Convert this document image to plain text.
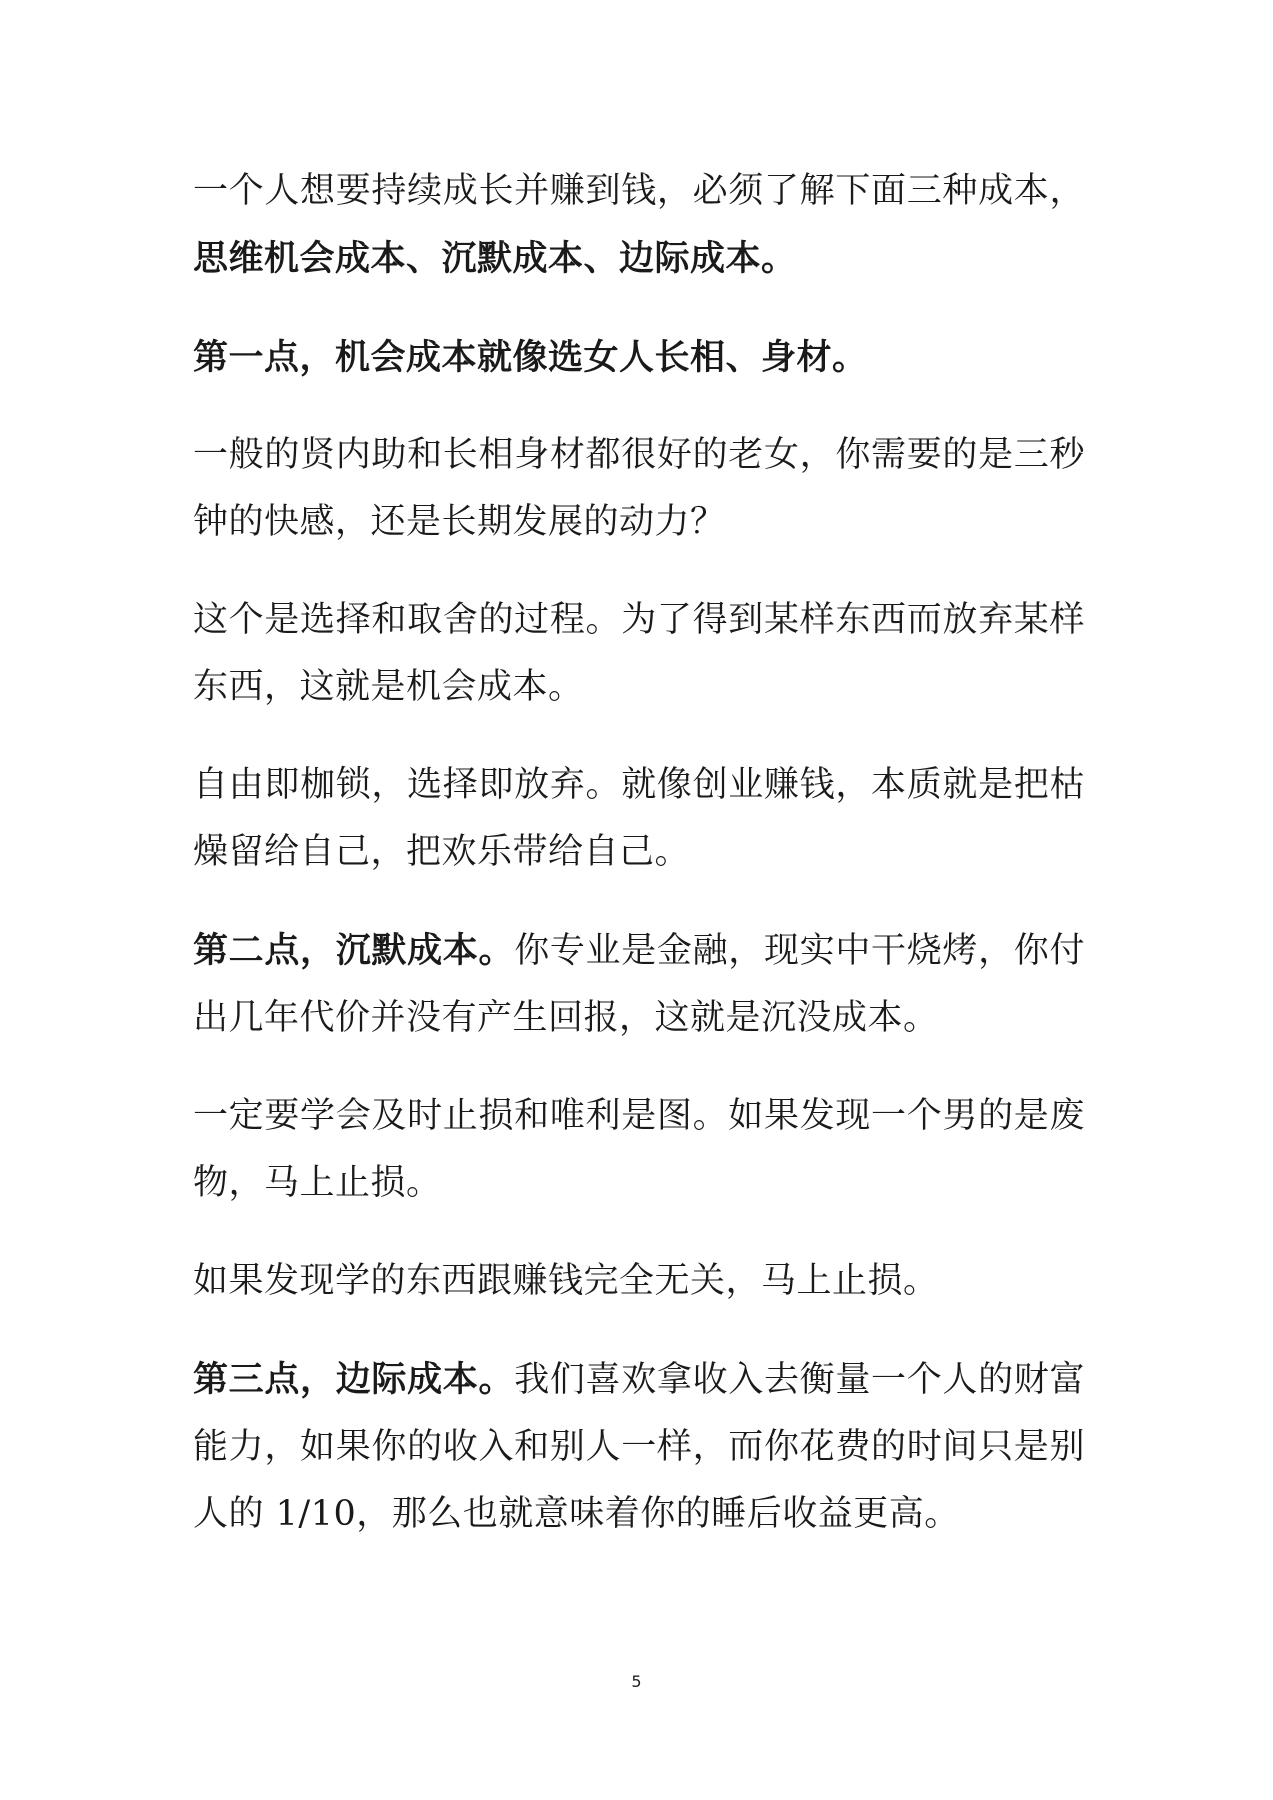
一个人想要持续成长并赚到钱，必须了解下面三种成本，思维机会成本、沉默成本、边际成本。

第一点，机会成本就像选女人长相、身材。

一般的贤内助和长相身材都很好的老女，你需要的是三秒钟的快感，还是长期发展的动力？

这个是选择和取舍的过程。为了得到某样东西而放弃某样东西，这就是机会成本。

自由即枷锁，选择即放弃。就像创业赚钱，本质就是把枯燥留给自己，把欢乐带给自己。

第二点，沉默成本。你专业是金融，现实中干烧烤，你付出几年代价并没有产生回报，这就是沉没成本。

一定要学会及时止损和唯利是图。如果发现一个男的是废物，马上止损。

如果发现学的东西跟赚钱完全无关，马上止损。

第三点，边际成本。我们喜欢拿收入去衡量一个人的财富能力，如果你的收入和别人一样，而你花费的时间只是别人的 1/10，那么也就意味着你的睡后收益更高。

5
